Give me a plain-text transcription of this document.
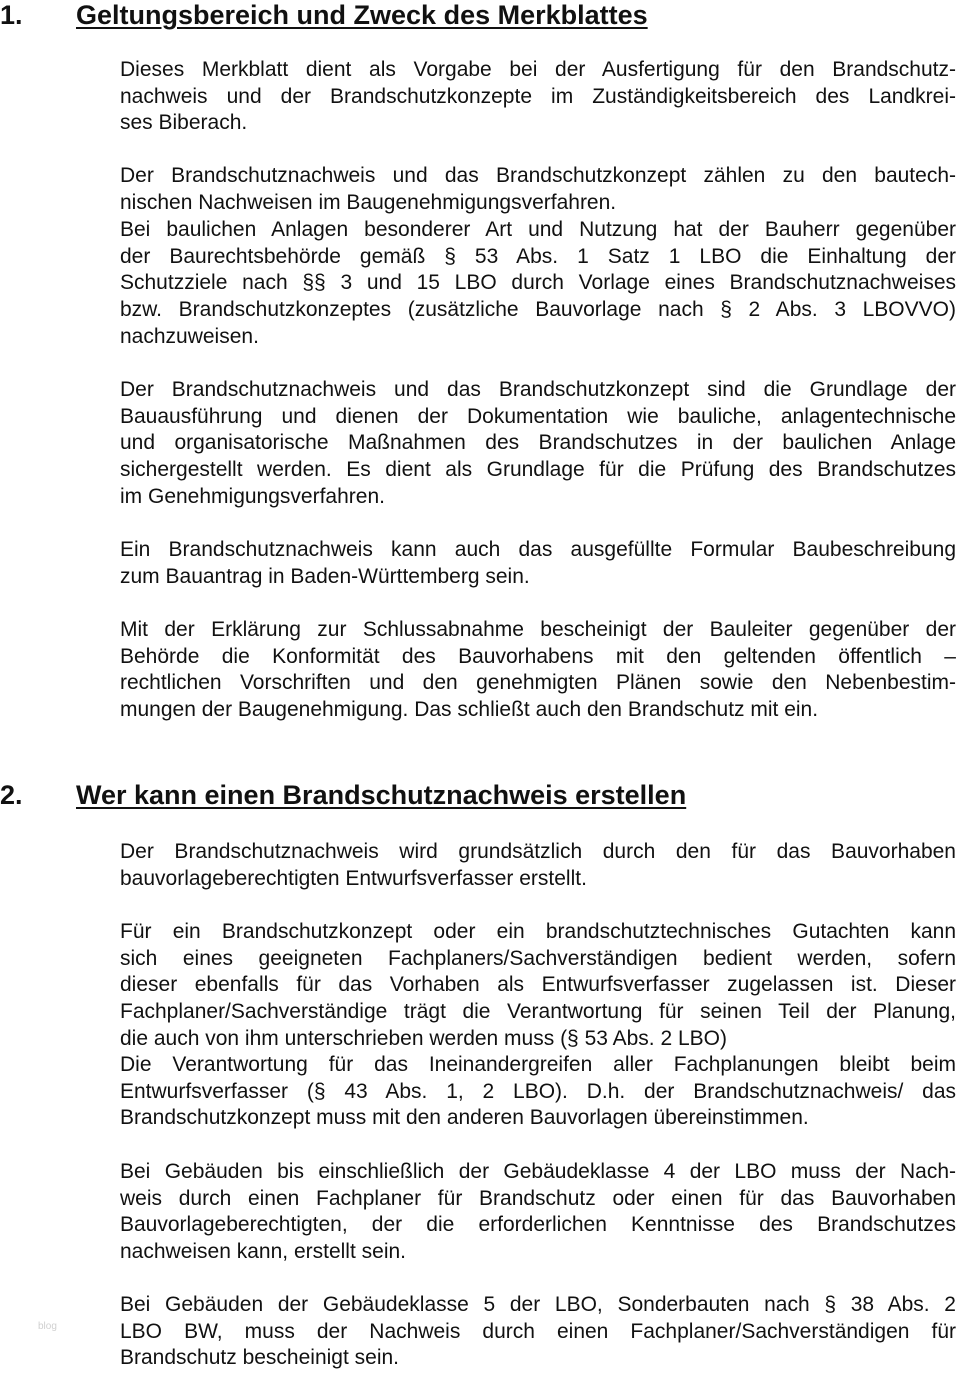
1. Geltungsbereich und Zweck des Merkblattes
Dieses Merkblatt dient als Vorgabe bei der Ausfertigung für den Brandschutz-
nachweis und der Brandschutzkonzepte im Zuständigkeitsbereich des Landkrei-
ses Biberach.
Der Brandschutznachweis und das Brandschutzkonzept zählen zu den bautech-
nischen Nachweisen im Baugenehmigungsverfahren.
Bei baulichen Anlagen besonderer Art und Nutzung hat der Bauherr gegenüber
der Baurechtsbehörde gemäß § 53 Abs. 1 Satz 1 LBO die Einhaltung der
Schutzziele nach §§ 3 und 15 LBO durch Vorlage eines Brandschutznachweises
bzw. Brandschutzkonzeptes (zusätzliche Bauvorlage nach § 2 Abs. 3 LBOVVO)
nachzuweisen.
Der Brandschutznachweis und das Brandschutzkonzept sind die Grundlage der
Bauausführung und dienen der Dokumentation wie bauliche, anlagentechnische
und organisatorische Maßnahmen des Brandschutzes in der baulichen Anlage
sichergestellt werden. Es dient als Grundlage für die Prüfung des Brandschutzes
im Genehmigungsverfahren.
Ein Brandschutznachweis kann auch das ausgefüllte Formular Baubeschreibung
zum Bauantrag in Baden-Württemberg sein.
Mit der Erklärung zur Schlussabnahme bescheinigt der Bauleiter gegenüber der
Behörde die Konformität des Bauvorhabens mit den geltenden öffentlich –
rechtlichen Vorschriften und den genehmigten Plänen sowie den Nebenbestim-
mungen der Baugenehmigung. Das schließt auch den Brandschutz mit ein.
2. Wer kann einen Brandschutznachweis erstellen
Der Brandschutznachweis wird grundsätzlich durch den für das Bauvorhaben
bauvorlageberechtigten Entwurfsverfasser erstellt.
Für ein Brandschutzkonzept oder ein brandschutztechnisches Gutachten kann
sich eines geeigneten Fachplaners/Sachverständigen bedient werden, sofern
dieser ebenfalls für das Vorhaben als Entwurfsverfasser zugelassen ist. Dieser
Fachplaner/Sachverständige trägt die Verantwortung für seinen Teil der Planung,
die auch von ihm unterschrieben werden muss (§ 53 Abs. 2 LBO)
Die Verantwortung für das Ineinandergreifen aller Fachplanungen bleibt beim
Entwurfsverfasser (§ 43 Abs. 1, 2 LBO). D.h. der Brandschutznachweis/ das
Brandschutzkonzept muss mit den anderen Bauvorlagen übereinstimmen.
Bei Gebäuden bis einschließlich der Gebäudeklasse 4 der LBO muss der Nach-
weis durch einen Fachplaner für Brandschutz oder einen für das Bauvorhaben
Bauvorlageberechtigten, der die erforderlichen Kenntnisse des Brandschutzes
nachweisen kann, erstellt sein.
Bei Gebäuden der Gebäudeklasse 5 der LBO, Sonderbauten nach § 38 Abs. 2
LBO BW, muss der Nachweis durch einen Fachplaner/Sachverständigen für
Brandschutz bescheinigt sein.
blog
